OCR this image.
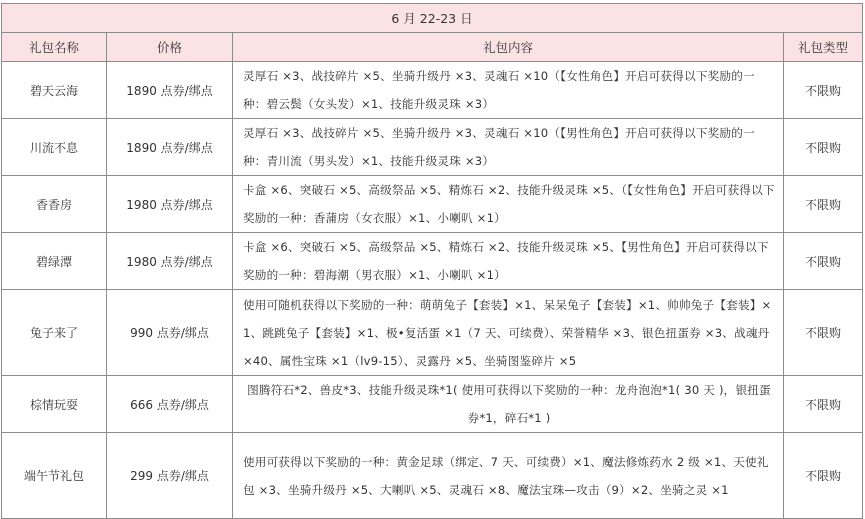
6 月 22-23 日			
礼包名称	价格	礼包内容	礼包类型
碧天云海	1890 点券/绑点	灵厚石 ×3、战技碎片 ×5、坐骑升级丹 ×3、灵魂石 ×10（【女性角色】开启可获得以下奖励的一种：碧云鬓（女头发）×1、技能升级灵珠 ×3）	不限购
川流不息	1890 点券/绑点	灵厚石 ×3、战技碎片 ×5、坐骑升级丹 ×3、灵魂石 ×10（【男性角色】开启可获得以下奖励的一种：青川流（男头发）×1、技能升级灵珠 ×3）	不限购
香香房	1980 点券/绑点	卡盒 ×6、突破石 ×5、高级祭品 ×5、精炼石 ×2、技能升级灵珠 ×5、（【女性角色】开启可获得以下奖励的一种：香蒲房（女衣服）×1、小喇叭 ×1）	不限购
碧绿潭	1980 点券/绑点	卡盒 ×6、突破石 ×5、高级祭品 ×5、精炼石 ×2、技能升级灵珠 ×5、【男性角色】开启可获得以下奖励的一种：碧海潮（男衣服）×1、小喇叭 ×1）	不限购
兔子来了	990 点券/绑点	使用可随机获得以下奖励的一种：萌萌兔子【套装】×1、呆呆兔子【套装】×1、帅帅兔子【套装】×1、跳跳兔子【套装】×1、极•复活蛋 ×1（7 天、可续费）、荣誉精华 ×3、银色扭蛋券 ×3、战魂丹 ×40、属性宝珠 ×1（lv9-15）、灵露丹 ×5、坐骑图鉴碎片 ×5	不限购
棕情玩耍	666 点券/绑点	图腾符石*2、兽皮*3、技能升级灵珠*1( 使用可获得以下奖励的一种：龙舟泡泡*1( 30 天 )，银扭蛋券*1，碎石*1 )	不限购
端午节礼包	299 点券/绑点	使用可获得以下奖励的一种：黄金足球（绑定、7 天、可续费）×1、魔法修炼药水 2 级 ×1、天使礼包 ×3、坐骑升级丹 ×5、大喇叭 ×5、灵魂石 ×8、魔法宝珠—攻击（9）×2、坐骑之灵 ×1	不限购
